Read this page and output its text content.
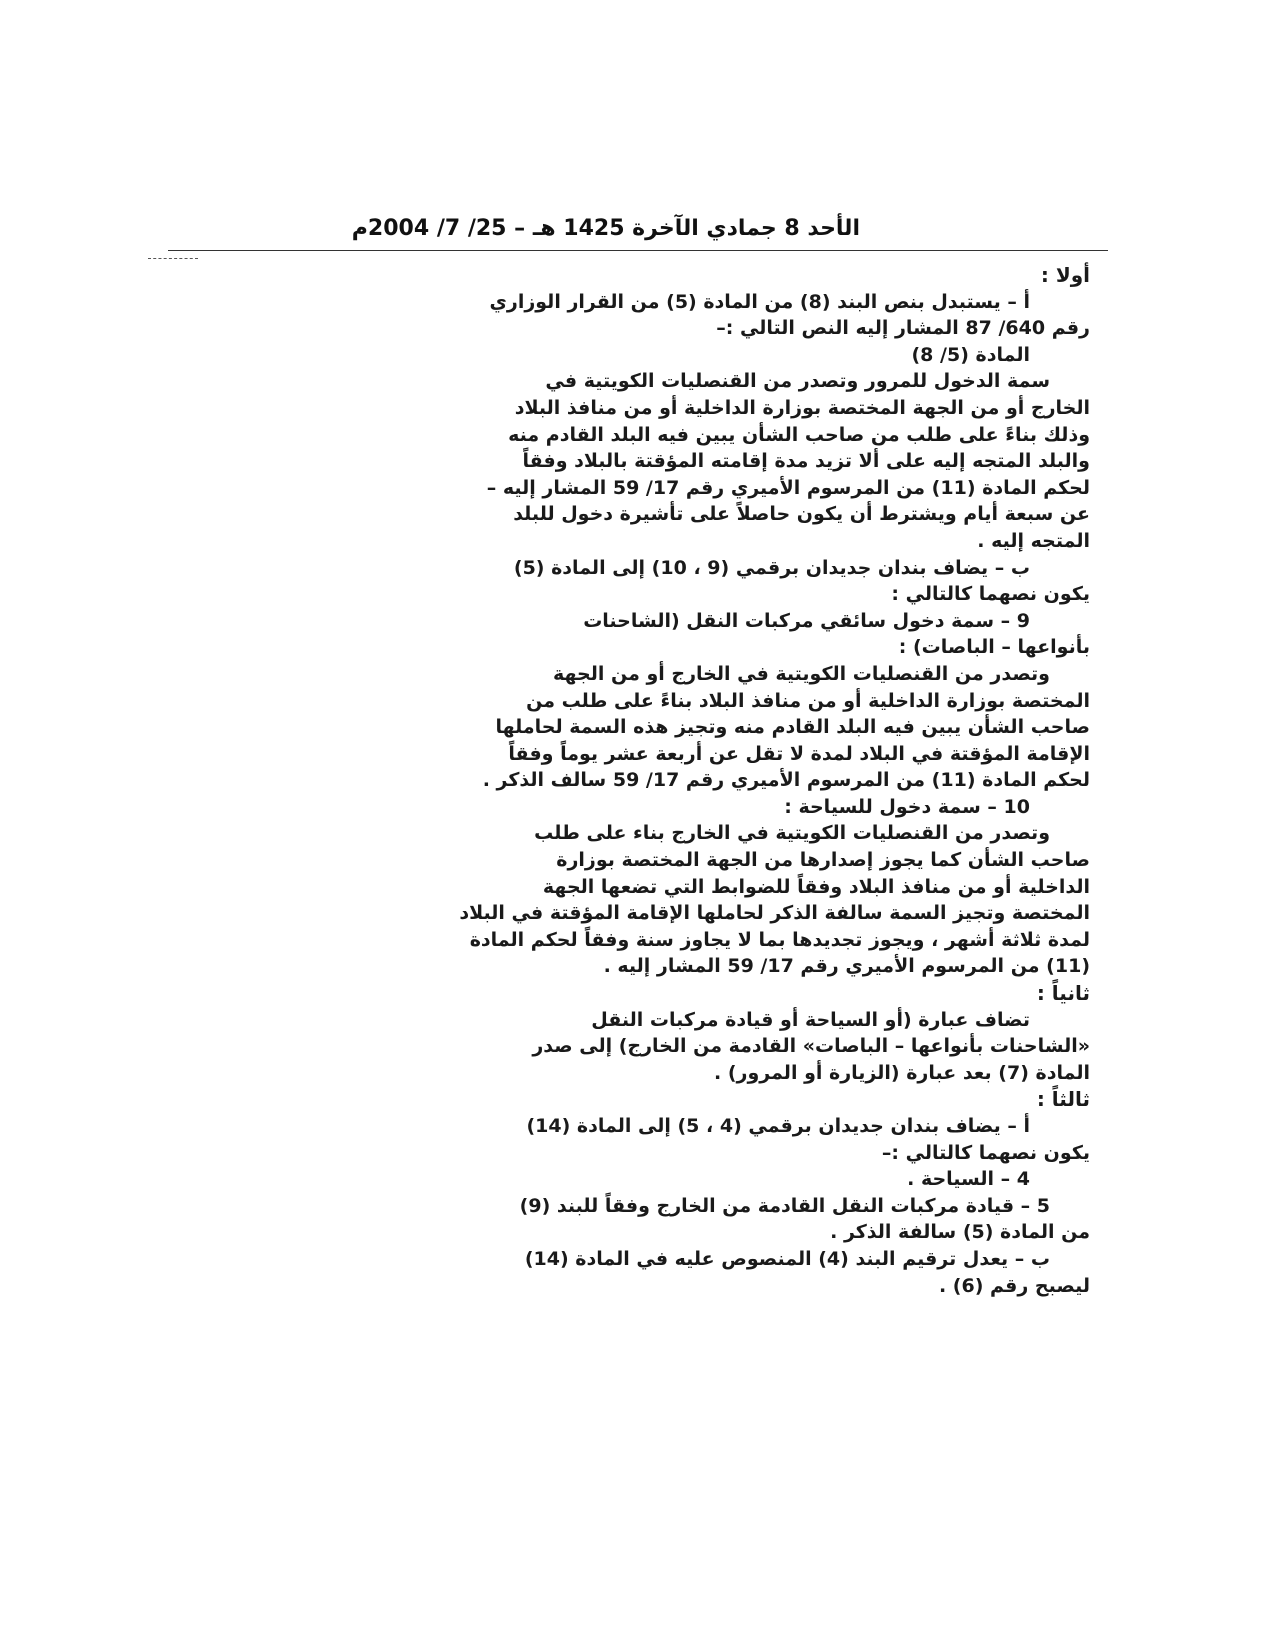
الأحد 8 جمادي الآخرة 1425 هـ – 25/ 7/ 2004م

أولا :

أ – يستبدل بنص البند (8) من المادة (5) من القرار الوزاري

رقم 640/ 87 المشار إليه النص التالي :–

المادة (5/ 8)

سمة الدخول للمرور وتصدر من القنصليات الكويتية في

الخارج أو من الجهة المختصة بوزارة الداخلية أو من منافذ البلاد

وذلك بناءً على طلب من صاحب الشأن يبين فيه البلد القادم منه

والبلد المتجه إليه على ألا تزيد مدة إقامته المؤقتة بالبلاد وفقاً

لحكم المادة (11) من المرسوم الأميري رقم 17/ 59 المشار إليه –

عن سبعة أيام ويشترط أن يكون حاصلاً على تأشيرة دخول للبلد

المتجه إليه .

ب – يضاف بندان جديدان برقمي (9 ، 10) إلى المادة (5)

يكون نصهما كالتالي :

9 – سمة دخول سائقي مركبات النقل (الشاحنات

بأنواعها – الباصات) :

وتصدر من القنصليات الكويتية في الخارج أو من الجهة

المختصة بوزارة الداخلية أو من منافذ البلاد بناءً على طلب من

صاحب الشأن يبين فيه البلد القادم منه وتجيز هذه السمة لحاملها

الإقامة المؤقتة في البلاد لمدة لا تقل عن أربعة عشر يوماً وفقاً

لحكم المادة (11) من المرسوم الأميري رقم 17/ 59 سالف الذكر .

10 – سمة دخول للسياحة :

وتصدر من القنصليات الكويتية في الخارج بناء على طلب

صاحب الشأن كما يجوز إصدارها من الجهة المختصة بوزارة

الداخلية أو من منافذ البلاد وفقاً للضوابط التي تضعها الجهة

المختصة وتجيز السمة سالفة الذكر لحاملها الإقامة المؤقتة في البلاد

لمدة ثلاثة أشهر ، ويجوز تجديدها بما لا يجاوز سنة وفقاً لحكم المادة

(11) من المرسوم الأميري رقم 17/ 59 المشار إليه .

ثانياً :

تضاف عبارة (أو السياحة أو قيادة مركبات النقل

«الشاحنات بأنواعها – الباصات» القادمة من الخارج) إلى صدر

المادة (7) بعد عبارة (الزيارة أو المرور) .

ثالثاً :

أ – يضاف بندان جديدان برقمي (4 ، 5) إلى المادة (14)

يكون نصهما كالتالي :–

4 – السياحة .

5 – قيادة مركبات النقل القادمة من الخارج وفقاً للبند (9)

من المادة (5) سالفة الذكر .

ب – يعدل ترقيم البند (4) المنصوص عليه في المادة (14)

ليصبح رقم (6) .
